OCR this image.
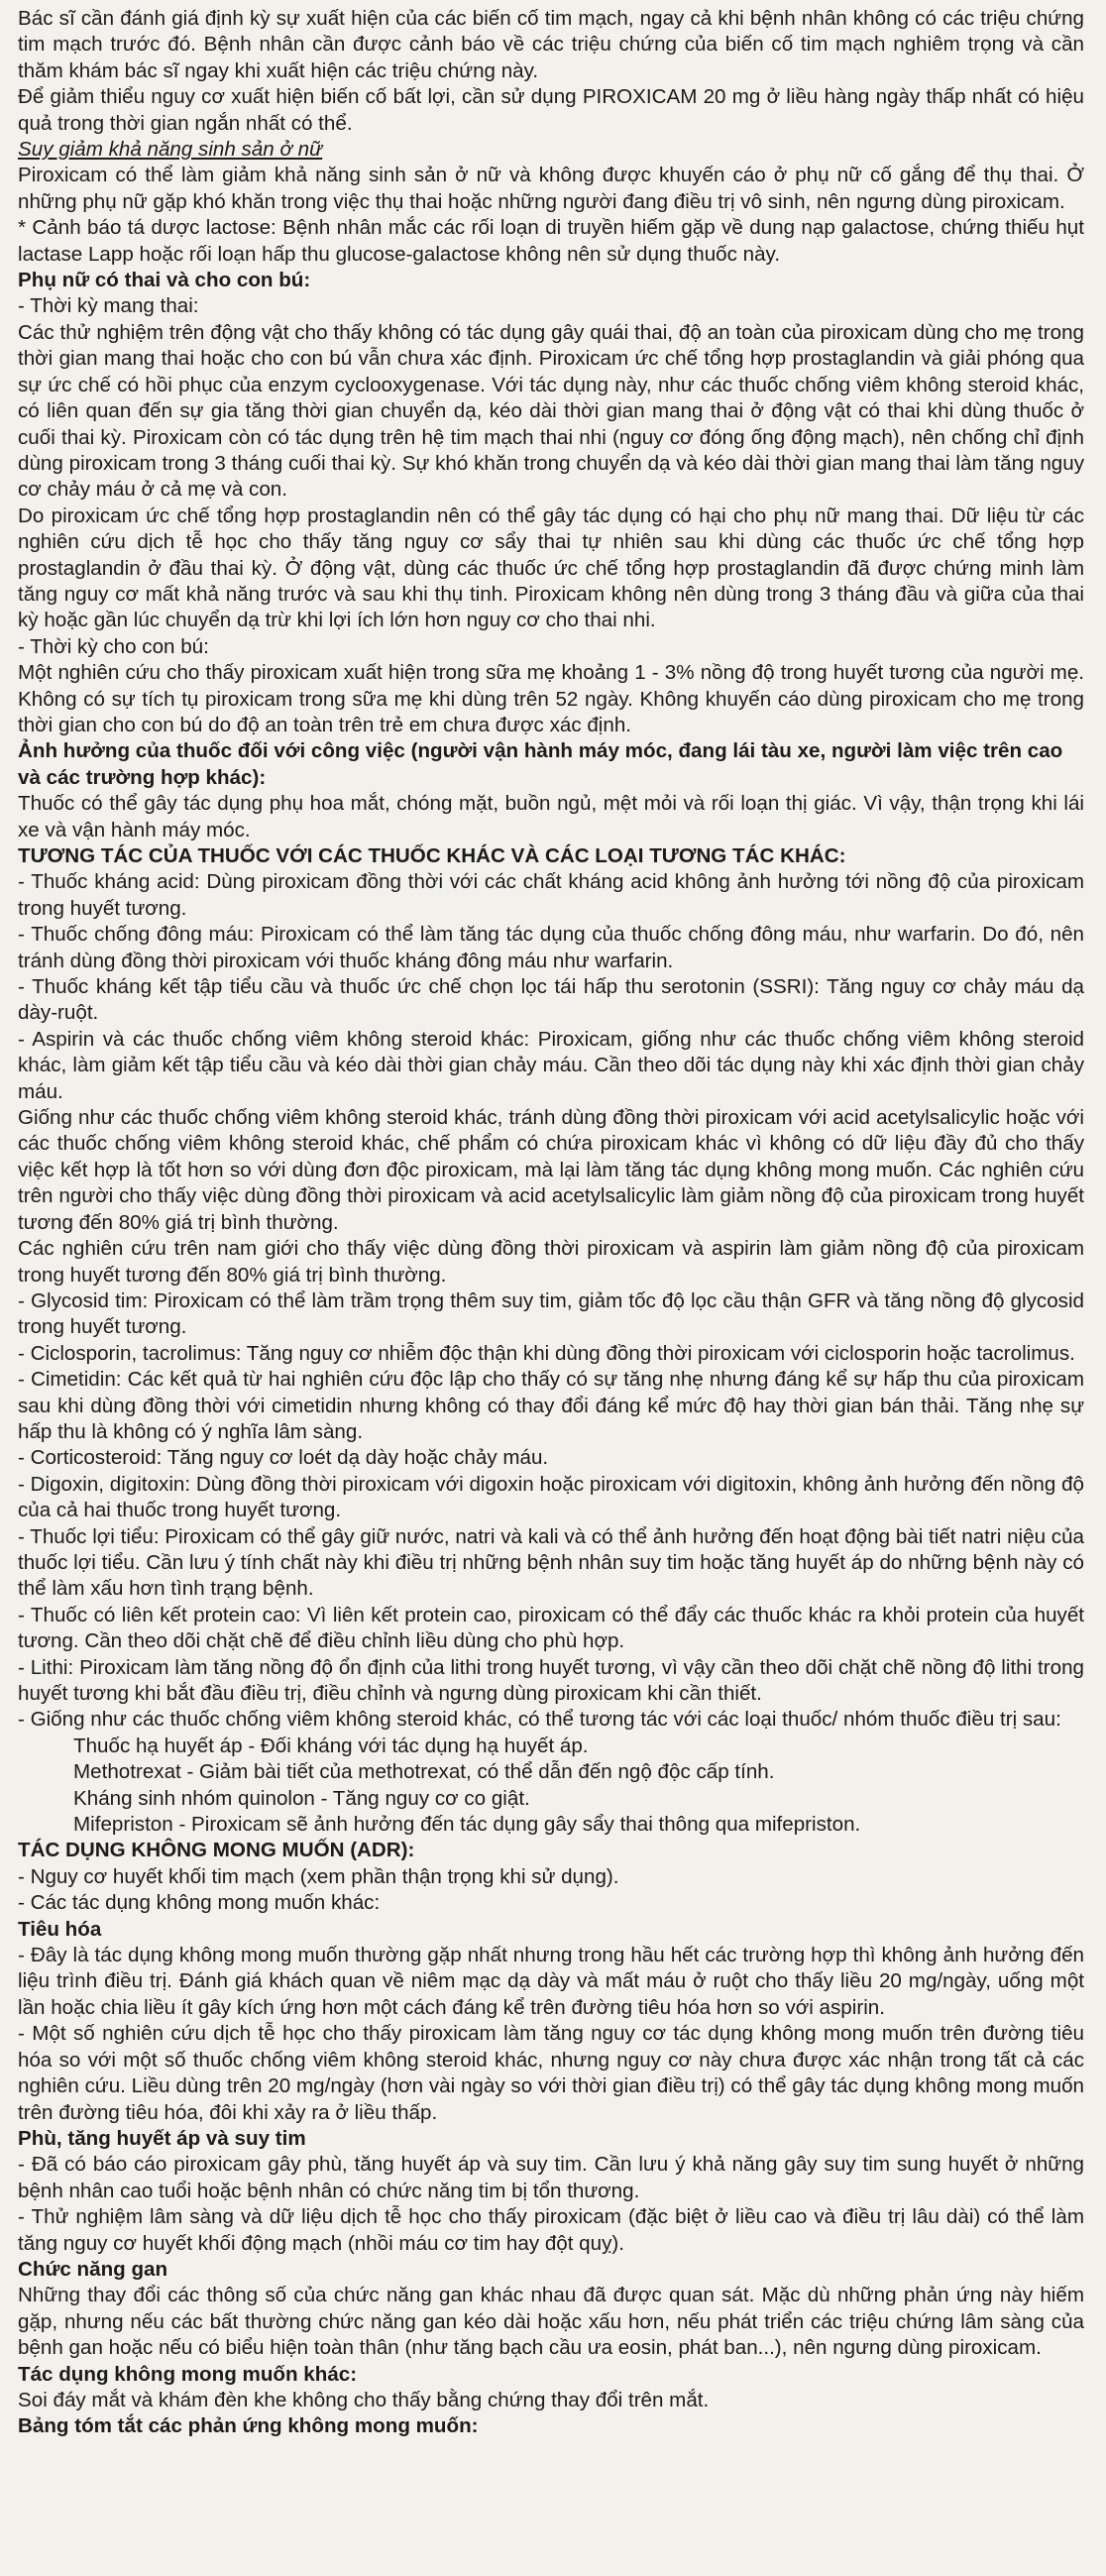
Bác sĩ cần đánh giá định kỳ sự xuất hiện của các biến cố tim mạch, ngay cả khi bệnh nhân không có các triệu chứng tim mạch trước đó. Bệnh nhân cần được cảnh báo về các triệu chứng của biến cố tim mạch nghiêm trọng và cần thăm khám bác sĩ ngay khi xuất hiện các triệu chứng này.
Để giảm thiểu nguy cơ xuất hiện biến cố bất lợi, cần sử dụng PIROXICAM 20 mg ở liều hàng ngày thấp nhất có hiệu quả trong thời gian ngắn nhất có thể.
Suy giảm khả năng sinh sản ở nữ
Piroxicam có thể làm giảm khả năng sinh sản ở nữ và không được khuyến cáo ở phụ nữ cố gắng để thụ thai. Ở những phụ nữ gặp khó khăn trong việc thụ thai hoặc những người đang điều trị vô sinh, nên ngưng dùng piroxicam.
* Cảnh báo tá dược lactose: Bệnh nhân mắc các rối loạn di truyền hiếm gặp về dung nạp galactose, chứng thiếu hụt lactase Lapp hoặc rối loạn hấp thu glucose-galactose không nên sử dụng thuốc này.
Phụ nữ có thai và cho con bú:
- Thời kỳ mang thai:
Các thử nghiệm trên động vật cho thấy không có tác dụng gây quái thai, độ an toàn của piroxicam dùng cho mẹ trong thời gian mang thai hoặc cho con bú vẫn chưa xác định. Piroxicam ức chế tổng hợp prostaglandin và giải phóng qua sự ức chế có hồi phục của enzym cyclooxygenase. Với tác dụng này, như các thuốc chống viêm không steroid khác, có liên quan đến sự gia tăng thời gian chuyển dạ, kéo dài thời gian mang thai ở động vật có thai khi dùng thuốc ở cuối thai kỳ. Piroxicam còn có tác dụng trên hệ tim mạch thai nhi (nguy cơ đóng ống động mạch), nên chống chỉ định dùng piroxicam trong 3 tháng cuối thai kỳ. Sự khó khăn trong chuyển dạ và kéo dài thời gian mang thai làm tăng nguy cơ chảy máu ở cả mẹ và con.
Do piroxicam ức chế tổng hợp prostaglandin nên có thể gây tác dụng có hại cho phụ nữ mang thai. Dữ liệu từ các nghiên cứu dịch tễ học cho thấy tăng nguy cơ sẩy thai tự nhiên sau khi dùng các thuốc ức chế tổng hợp prostaglandin ở đầu thai kỳ. Ở động vật, dùng các thuốc ức chế tổng hợp prostaglandin đã được chứng minh làm tăng nguy cơ mất khả năng trước và sau khi thụ tinh. Piroxicam không nên dùng trong 3 tháng đầu và giữa của thai kỳ hoặc gần lúc chuyển dạ trừ khi lợi ích lớn hơn nguy cơ cho thai nhi.
- Thời kỳ cho con bú:
Một nghiên cứu cho thấy piroxicam xuất hiện trong sữa mẹ khoảng 1 - 3% nồng độ trong huyết tương của người mẹ. Không có sự tích tụ piroxicam trong sữa mẹ khi dùng trên 52 ngày. Không khuyến cáo dùng piroxicam cho mẹ trong thời gian cho con bú do độ an toàn trên trẻ em chưa được xác định.
Ảnh hưởng của thuốc đối với công việc (người vận hành máy móc, đang lái tàu xe, người làm việc trên cao và các trường hợp khác):
Thuốc có thể gây tác dụng phụ hoa mắt, chóng mặt, buồn ngủ, mệt mỏi và rối loạn thị giác. Vì vậy, thận trọng khi lái xe và vận hành máy móc.
TƯƠNG TÁC CỦA THUỐC VỚI CÁC THUỐC KHÁC VÀ CÁC LOẠI TƯƠNG TÁC KHÁC:
- Thuốc kháng acid: Dùng piroxicam đồng thời với các chất kháng acid không ảnh hưởng tới nồng độ của piroxicam trong huyết tương.
- Thuốc chống đông máu: Piroxicam có thể làm tăng tác dụng của thuốc chống đông máu, như warfarin. Do đó, nên tránh dùng đồng thời piroxicam với thuốc kháng đông máu như warfarin.
- Thuốc kháng kết tập tiểu cầu và thuốc ức chế chọn lọc tái hấp thu serotonin (SSRI): Tăng nguy cơ chảy máu dạ dày-ruột.
- Aspirin và các thuốc chống viêm không steroid khác: Piroxicam, giống như các thuốc chống viêm không steroid khác, làm giảm kết tập tiểu cầu và kéo dài thời gian chảy máu. Cần theo dõi tác dụng này khi xác định thời gian chảy máu.
Giống như các thuốc chống viêm không steroid khác, tránh dùng đồng thời piroxicam với acid acetylsalicylic hoặc với các thuốc chống viêm không steroid khác, chế phẩm có chứa piroxicam khác vì không có dữ liệu đầy đủ cho thấy việc kết hợp là tốt hơn so với dùng đơn độc piroxicam, mà lại làm tăng tác dụng không mong muốn. Các nghiên cứu trên người cho thấy việc dùng đồng thời piroxicam và acid acetylsalicylic làm giảm nồng độ của piroxicam trong huyết tương đến 80% giá trị bình thường.
Các nghiên cứu trên nam giới cho thấy việc dùng đồng thời piroxicam và aspirin làm giảm nồng độ của piroxicam trong huyết tương đến 80% giá trị bình thường.
- Glycosid tim: Piroxicam có thể làm trầm trọng thêm suy tim, giảm tốc độ lọc cầu thận GFR và tăng nồng độ glycosid trong huyết tương.
- Ciclosporin, tacrolimus: Tăng nguy cơ nhiễm độc thận khi dùng đồng thời piroxicam với ciclosporin hoặc tacrolimus.
- Cimetidin: Các kết quả từ hai nghiên cứu độc lập cho thấy có sự tăng nhẹ nhưng đáng kể sự hấp thu của piroxicam sau khi dùng đồng thời với cimetidin nhưng không có thay đổi đáng kể mức độ hay thời gian bán thải. Tăng nhẹ sự hấp thu là không có ý nghĩa lâm sàng.
- Corticosteroid: Tăng nguy cơ loét dạ dày hoặc chảy máu.
- Digoxin, digitoxin: Dùng đồng thời piroxicam với digoxin hoặc piroxicam với digitoxin, không ảnh hưởng đến nồng độ của cả hai thuốc trong huyết tương.
- Thuốc lợi tiểu: Piroxicam có thể gây giữ nước, natri và kali và có thể ảnh hưởng đến hoạt động bài tiết natri niệu của thuốc lợi tiểu. Cần lưu ý tính chất này khi điều trị những bệnh nhân suy tim hoặc tăng huyết áp do những bệnh này có thể làm xấu hơn tình trạng bệnh.
- Thuốc có liên kết protein cao: Vì liên kết protein cao, piroxicam có thể đẩy các thuốc khác ra khỏi protein của huyết tương. Cần theo dõi chặt chẽ để điều chỉnh liều dùng cho phù hợp.
- Lithi: Piroxicam làm tăng nồng độ ổn định của lithi trong huyết tương, vì vậy cần theo dõi chặt chẽ nồng độ lithi trong huyết tương khi bắt đầu điều trị, điều chỉnh và ngưng dùng piroxicam khi cần thiết.
- Giống như các thuốc chống viêm không steroid khác, có thể tương tác với các loại thuốc/ nhóm thuốc điều trị sau:
Thuốc hạ huyết áp - Đối kháng với tác dụng hạ huyết áp.
Methotrexat - Giảm bài tiết của methotrexat, có thể dẫn đến ngộ độc cấp tính.
Kháng sinh nhóm quinolon - Tăng nguy cơ co giật.
Mifepriston - Piroxicam sẽ ảnh hưởng đến tác dụng gây sẩy thai thông qua mifepriston.
TÁC DỤNG KHÔNG MONG MUỐN (ADR):
- Nguy cơ huyết khối tim mạch (xem phần thận trọng khi sử dụng).
- Các tác dụng không mong muốn khác:
Tiêu hóa
- Đây là tác dụng không mong muốn thường gặp nhất nhưng trong hầu hết các trường hợp thì không ảnh hưởng đến liệu trình điều trị. Đánh giá khách quan về niêm mạc dạ dày và mất máu ở ruột cho thấy liều 20 mg/ngày, uống một lần hoặc chia liều ít gây kích ứng hơn một cách đáng kể trên đường tiêu hóa hơn so với aspirin.
- Một số nghiên cứu dịch tễ học cho thấy piroxicam làm tăng nguy cơ tác dụng không mong muốn trên đường tiêu hóa so với một số thuốc chống viêm không steroid khác, nhưng nguy cơ này chưa được xác nhận trong tất cả các nghiên cứu. Liều dùng trên 20 mg/ngày (hơn vài ngày so với thời gian điều trị) có thể gây tác dụng không mong muốn trên đường tiêu hóa, đôi khi xảy ra ở liều thấp.
Phù, tăng huyết áp và suy tim
- Đã có báo cáo piroxicam gây phù, tăng huyết áp và suy tim. Cần lưu ý khả năng gây suy tim sung huyết ở những bệnh nhân cao tuổi hoặc bệnh nhân có chức năng tim bị tổn thương.
- Thử nghiệm lâm sàng và dữ liệu dịch tễ học cho thấy piroxicam (đặc biệt ở liều cao và điều trị lâu dài) có thể làm tăng nguy cơ huyết khối động mạch (nhồi máu cơ tim hay đột quỵ).
Chức năng gan
Những thay đổi các thông số của chức năng gan khác nhau đã được quan sát. Mặc dù những phản ứng này hiếm gặp, nhưng nếu các bất thường chức năng gan kéo dài hoặc xấu hơn, nếu phát triển các triệu chứng lâm sàng của bệnh gan hoặc nếu có biểu hiện toàn thân (như tăng bạch cầu ưa eosin, phát ban...), nên ngưng dùng piroxicam.
Tác dụng không mong muốn khác:
Soi đáy mắt và khám đèn khe không cho thấy bằng chứng thay đổi trên mắt.
Bảng tóm tắt các phản ứng không mong muốn:
